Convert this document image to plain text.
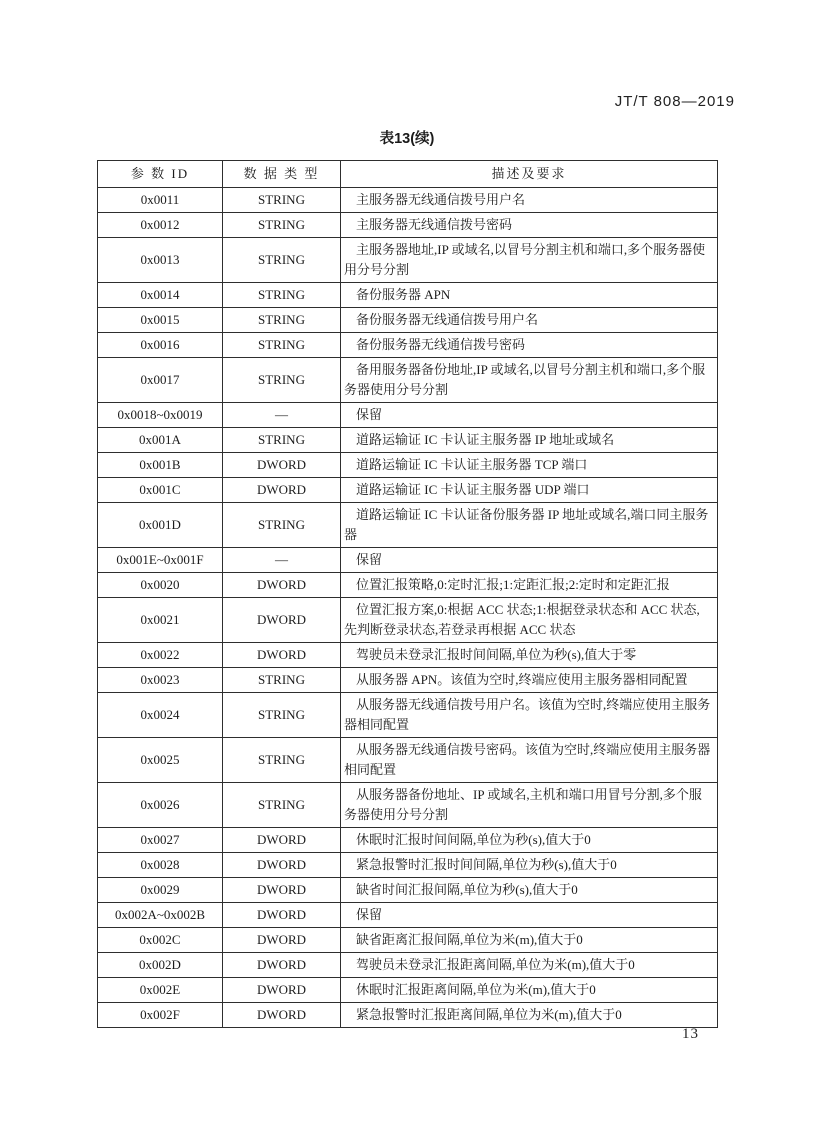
JT/T 808—2019
表13(续)
参 数 ID	数 据 类 型	描述及要求
0x0011	STRING	主服务器无线通信拨号用户名
0x0012	STRING	主服务器无线通信拨号密码
0x0013	STRING	主服务器地址,IP 或域名,以冒号分割主机和端口,多个服务器使用分号分割
0x0014	STRING	备份服务器 APN
0x0015	STRING	备份服务器无线通信拨号用户名
0x0016	STRING	备份服务器无线通信拨号密码
0x0017	STRING	备用服务器备份地址,IP 或域名,以冒号分割主机和端口,多个服务器使用分号分割
0x0018~0x0019	—	保留
0x001A	STRING	道路运输证 IC 卡认证主服务器 IP 地址或域名
0x001B	DWORD	道路运输证 IC 卡认证主服务器 TCP 端口
0x001C	DWORD	道路运输证 IC 卡认证主服务器 UDP 端口
0x001D	STRING	道路运输证 IC 卡认证备份服务器 IP 地址或域名,端口同主服务器
0x001E~0x001F	—	保留
0x0020	DWORD	位置汇报策略,0:定时汇报;1:定距汇报;2:定时和定距汇报
0x0021	DWORD	位置汇报方案,0:根据 ACC 状态;1:根据登录状态和 ACC 状态,先判断登录状态,若登录再根据 ACC 状态
0x0022	DWORD	驾驶员未登录汇报时间间隔,单位为秒(s),值大于零
0x0023	STRING	从服务器 APN。该值为空时,终端应使用主服务器相同配置
0x0024	STRING	从服务器无线通信拨号用户名。该值为空时,终端应使用主服务器相同配置
0x0025	STRING	从服务器无线通信拨号密码。该值为空时,终端应使用主服务器相同配置
0x0026	STRING	从服务器备份地址、IP 或域名,主机和端口用冒号分割,多个服务器使用分号分割
0x0027	DWORD	休眠时汇报时间间隔,单位为秒(s),值大于0
0x0028	DWORD	紧急报警时汇报时间间隔,单位为秒(s),值大于0
0x0029	DWORD	缺省时间汇报间隔,单位为秒(s),值大于0
0x002A~0x002B	DWORD	保留
0x002C	DWORD	缺省距离汇报间隔,单位为米(m),值大于0
0x002D	DWORD	驾驶员未登录汇报距离间隔,单位为米(m),值大于0
0x002E	DWORD	休眠时汇报距离间隔,单位为米(m),值大于0
0x002F	DWORD	紧急报警时汇报距离间隔,单位为米(m),值大于0
13
